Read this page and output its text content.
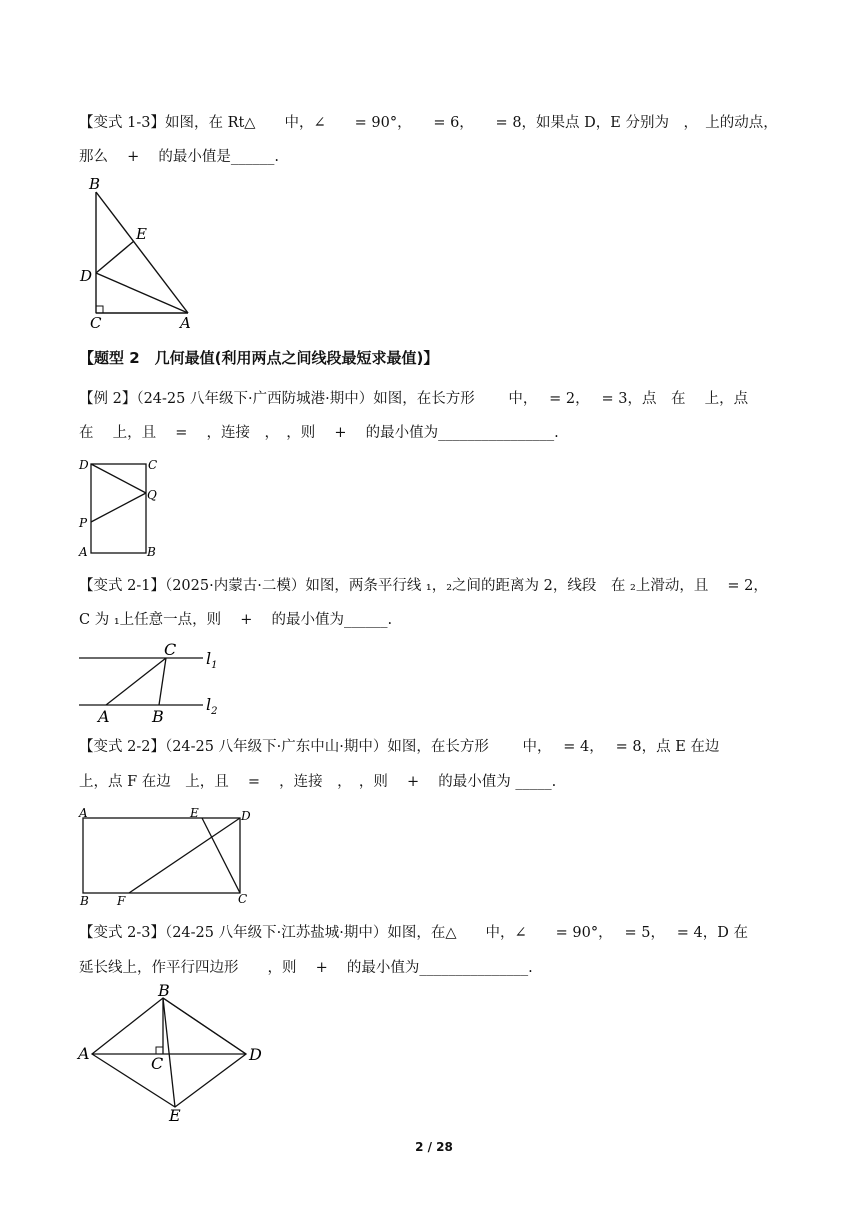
【变式 1-3】如图，在 Rt△　　中，∠　　= 90°，　　= 6，　　= 8，如果点 D，E 分别为　，　上的动点，
那么　 +　 的最小值是______.
B
E
D
C	A
【题型 2　几何最值(利用两点之间线段最短求最值)】
【例 2】（24-25 八年级下·广西防城港·期中）如图，在长方形　　 中，　 = 2，　 = 3，点　在　 上，点
在　 上，且　 =　 ，连接　，　，则　 +　 的最小值为________________.
D	C
Q
P
A	B
【变式 2-1】（2025·内蒙古·二模）如图，两条平行线 ₁，₂之间的距离为 2，线段　在 ₂上滑动，且　 = 2，
C 为 ₁上任意一点，则　 +　 的最小值为______.
C $l_1$
$l_2$
A	B
【变式 2-2】（24-25 八年级下·广东中山·期中）如图，在长方形　　 中，　 = 4，　 = 8，点 E 在边
上，点 F 在边　上，且　 =　 ，连接　，　，则　 +　 的最小值为 _____.
A	E	D
B F	C
【变式 2-3】（24-25 八年级下·江苏盐城·期中）如图，在△　　中，∠　　= 90°，　 = 5，　 = 4，D 在
延长线上，作平行四边形　　，则　 +　 的最小值为_______________.
B
A
C	D
E
2 / 28
